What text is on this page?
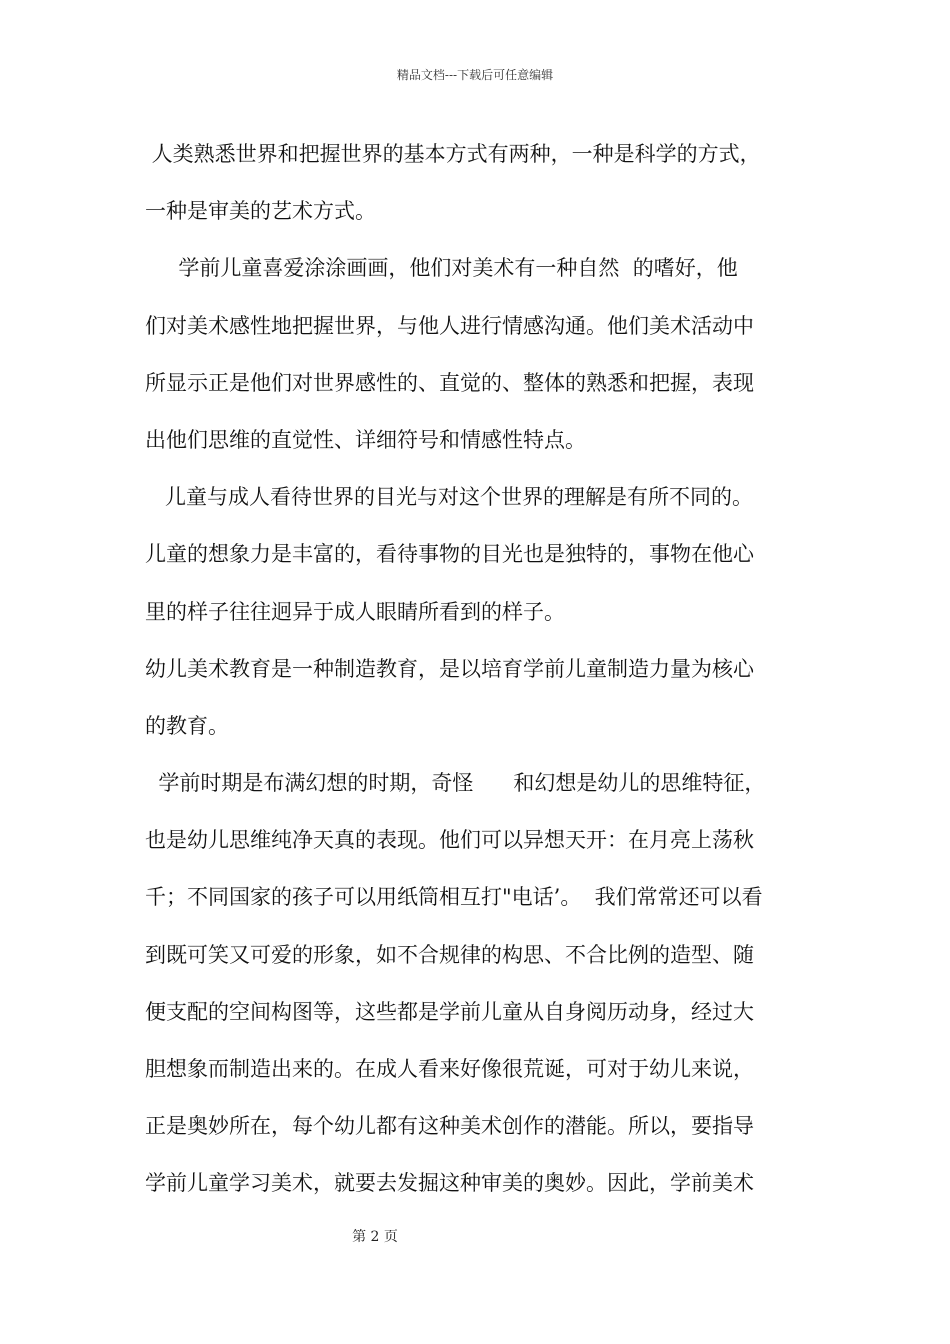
精品文档---下载后可任意编辑
人类熟悉世界和把握世界的基本方式有两种，一种是科学的方式，
一种是审美的艺术方式。
学前儿童喜爱涂涂画画，他们对美术有一种自然  的嗜好，他
们对美术感性地把握世界，与他人进行情感沟通。他们美术活动中
所显示正是他们对世界感性的、直觉的、整体的熟悉和把握，表现
出他们思维的直觉性、详细符号和情感性特点。
儿童与成人看待世界的目光与对这个世界的理解是有所不同的。
儿童的想象力是丰富的，看待事物的目光也是独特的，事物在他心
里的样子往往迥异于成人眼睛所看到的样子。
幼儿美术教育是一种制造教育，是以培育学前儿童制造力量为核心
的教育。
学前时期是布满幻想的时期，奇怪      和幻想是幼儿的思维特征，
也是幼儿思维纯净天真的表现。他们可以异想天开：在月亮上荡秋
千；不同国家的孩子可以用纸筒相互打"电话’。  我们常常还可以看
到既可笑又可爱的形象，如不合规律的构思、不合比例的造型、随
便支配的空间构图等，这些都是学前儿童从自身阅历动身，经过大
胆想象而制造出来的。在成人看来好像很荒诞，可对于幼儿来说，
正是奥妙所在，每个幼儿都有这种美术创作的潜能。所以，要指导
学前儿童学习美术，就要去发掘这种审美的奥妙。因此，学前美术
第 2 页
